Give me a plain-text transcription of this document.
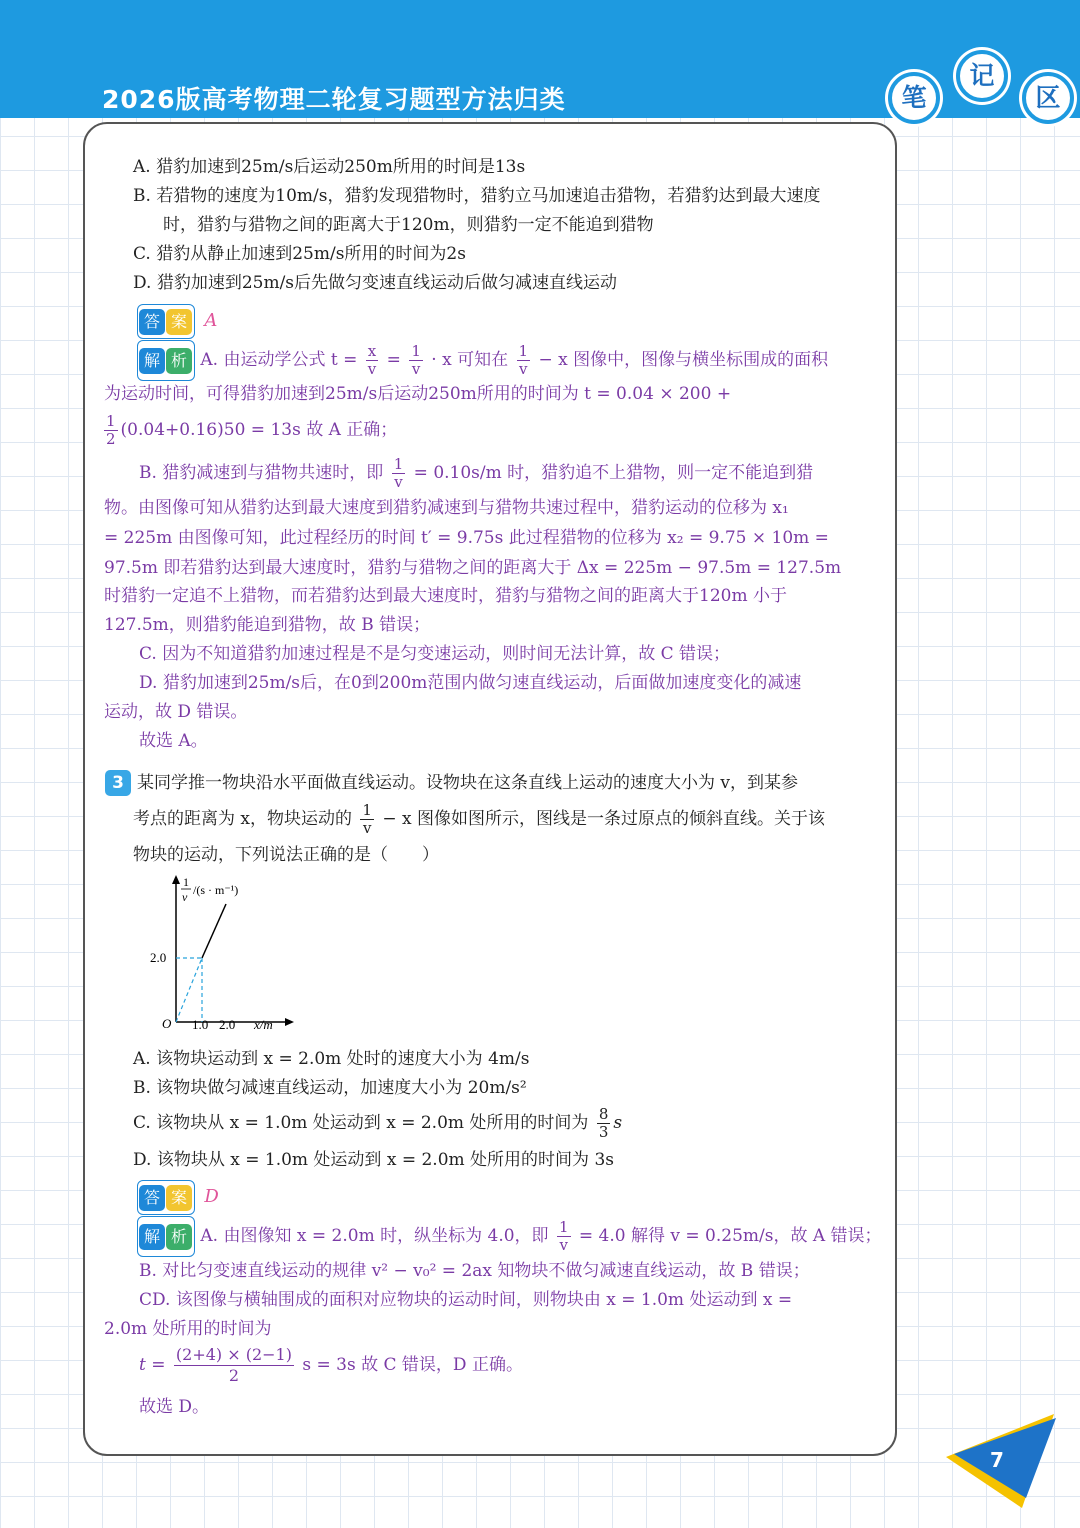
2026版高考物理二轮复习题型方法归类	笔
记
区
A. 猎豹加速到25m/s后运动250m所用的时间是13s
B. 若猎物的速度为10m/s，猎豹发现猎物时，猎豹立马加速追击猎物，若猎豹达到最大速度
时，猎豹与猎物之间的距离大于120m，则猎豹一定不能追到猎物
C. 猎豹从静止加速到25m/s所用的时间为2s
D. 猎豹加速到25m/s后先做匀变速直线运动后做匀减速直线运动
答 案 A
解 析 A. 由运动学公式 $t = \frac{x}{v} = \frac{1}{v} \cdot x$ 可知在 $\frac{1}{v} - x$ 图像中，图像与横坐标围成的面积
为运动时间，可得猎豹加速到25m/s后运动250m所用的时间为 t = 0.04 × 200 +
$\frac{1}{2} (0.04+0.16)50 = 13s$ 故 A 正确；
B. 猎豹减速到与猎物共速时，即 $\frac{1}{v} = 0.10s/m$ 时，猎豹追不上猎物，则一定不能追到猎
物。由图像可知从猎豹达到最大速度到猎豹减速到与猎物共速过程中，猎豹运动的位移为 x₁
= 225m 由图像可知，此过程经历的时间 t′ = 9.75s 此过程猎物的位移为 x₂ = 9.75 × 10m =
97.5m 即若猎豹达到最大速度时，猎豹与猎物之间的距离大于 Δx = 225m − 97.5m = 127.5m
时猎豹一定追不上猎物，而若猎豹达到最大速度时，猎豹与猎物之间的距离大于120m 小于
127.5m，则猎豹能追到猎物，故 B 错误；
C. 因为不知道猎豹加速过程是不是匀变速运动，则时间无法计算，故 C 错误；
D. 猎豹加速到25m/s后，在0到200m范围内做匀速直线运动，后面做加速度变化的减速
运动，故 D 错误。
故选 A。
3 某同学推一物块沿水平面做直线运动。设物块在这条直线上运动的速度大小为 v，到某参
考点的距离为 x，物块运动的 $\frac{1}{v} - x$ 图像如图所示，图线是一条过原点的倾斜直线。关于该
物块的运动，下列说法正确的是（　　）
1
v /(s · m⁻¹)
2.0
O 1.0 2.0 x/m
A. 该物块运动到 x = 2.0m 处时的速度大小为 4m/s
B. 该物块做匀减速直线运动，加速度大小为 20m/s²
C. 该物块从 x = 1.0m 处运动到 x = 2.0m 处所用的时间为 $\frac{8}{3}$ s
D. 该物块从 x = 1.0m 处运动到 x = 2.0m 处所用的时间为 3s
答 案 D
解 析 A. 由图像知 x = 2.0m 时，纵坐标为 4.0，即 $\frac{1}{v} = 4.0$ 解得 v = 0.25m/s，故 A 错误；
B. 对比匀变速直线运动的规律 v² − v₀² = 2ax 知物块不做匀减速直线运动，故 B 错误；
CD. 该图像与横轴围成的面积对应物块的运动时间，则物块由 x = 1.0m 处运动到 x =
2.0m 处所用的时间为
$t = \frac{(2+4) \times (2-1)}{2}$ s = 3s 故 C 错误，D 正确。
故选 D。
7
